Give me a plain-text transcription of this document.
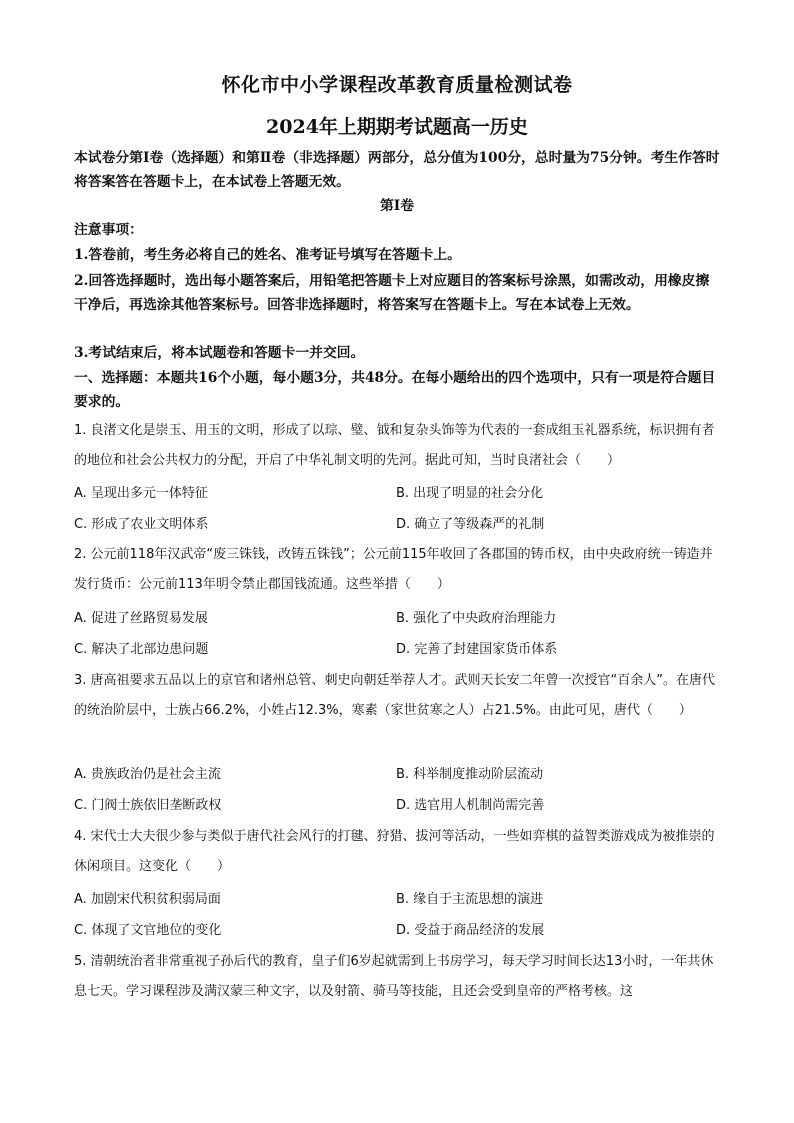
怀化市中小学课程改革教育质量检测试卷
2024年上期期考试题高一历史
本试卷分第Ⅰ卷（选择题）和第Ⅱ卷（非选择题）两部分，总分值为100分，总时量为75分钟。考生作答时将答案答在答题卡上，在本试卷上答题无效。
第Ⅰ卷
注意事项：
1.答卷前，考生务必将自己的姓名、准考证号填写在答题卡上。
2.回答选择题时，选出每小题答案后，用铅笔把答题卡上对应题目的答案标号涂黑，如需改动，用橡皮擦干净后，再选涂其他答案标号。回答非选择题时，将答案写在答题卡上。写在本试卷上无效。
3.考试结束后，将本试题卷和答题卡一并交回。
一、选择题：本题共16个小题，每小题3分，共48分。在每小题给出的四个选项中，只有一项是符合题目要求的。
1. 良渚文化是崇玉、用玉的文明，形成了以琮、璧、钺和复杂头饰等为代表的一套成组玉礼器系统，标识拥有者的地位和社会公共权力的分配，开启了中华礼制文明的先河。据此可知，当时良渚社会（　　）
A. 呈现出多元一体特征	B. 出现了明显的社会分化
C. 形成了农业文明体系	D. 确立了等级森严的礼制
2. 公元前118年汉武帝“废三铢钱，改铸五铢钱”；公元前115年收回了各郡国的铸币权，由中央政府统一铸造并发行货币：公元前113年明令禁止郡国钱流通。这些举措（　　）
A. 促进了丝路贸易发展	B. 强化了中央政府治理能力
C. 解决了北部边患问题	D. 完善了封建国家货币体系
3. 唐高祖要求五品以上的京官和诸州总管、刺史向朝廷举荐人才。武则天长安二年曾一次授官“百余人”。在唐代的统治阶层中，士族占66.2%，小姓占12.3%，寒素（家世贫寒之人）占21.5%。由此可见，唐代（　　）
A. 贵族政治仍是社会主流	B. 科举制度推动阶层流动
C. 门阀士族依旧垄断政权	D. 选官用人机制尚需完善
4. 宋代士大夫很少参与类似于唐代社会风行的打毽、狩猎、拔河等活动，一些如弈棋的益智类游戏成为被推崇的休闲项目。这变化（　　）
A. 加剧宋代积贫积弱局面	B. 缘自于主流思想的演进
C. 体现了文官地位的变化	D. 受益于商品经济的发展
5. 清朝统治者非常重视子孙后代的教育，皇子们6岁起就需到上书房学习，每天学习时间长达13小时，一年共休息七天。学习课程涉及满汉蒙三种文字，以及射箭、骑马等技能，且还会受到皇帝的严格考核。这
